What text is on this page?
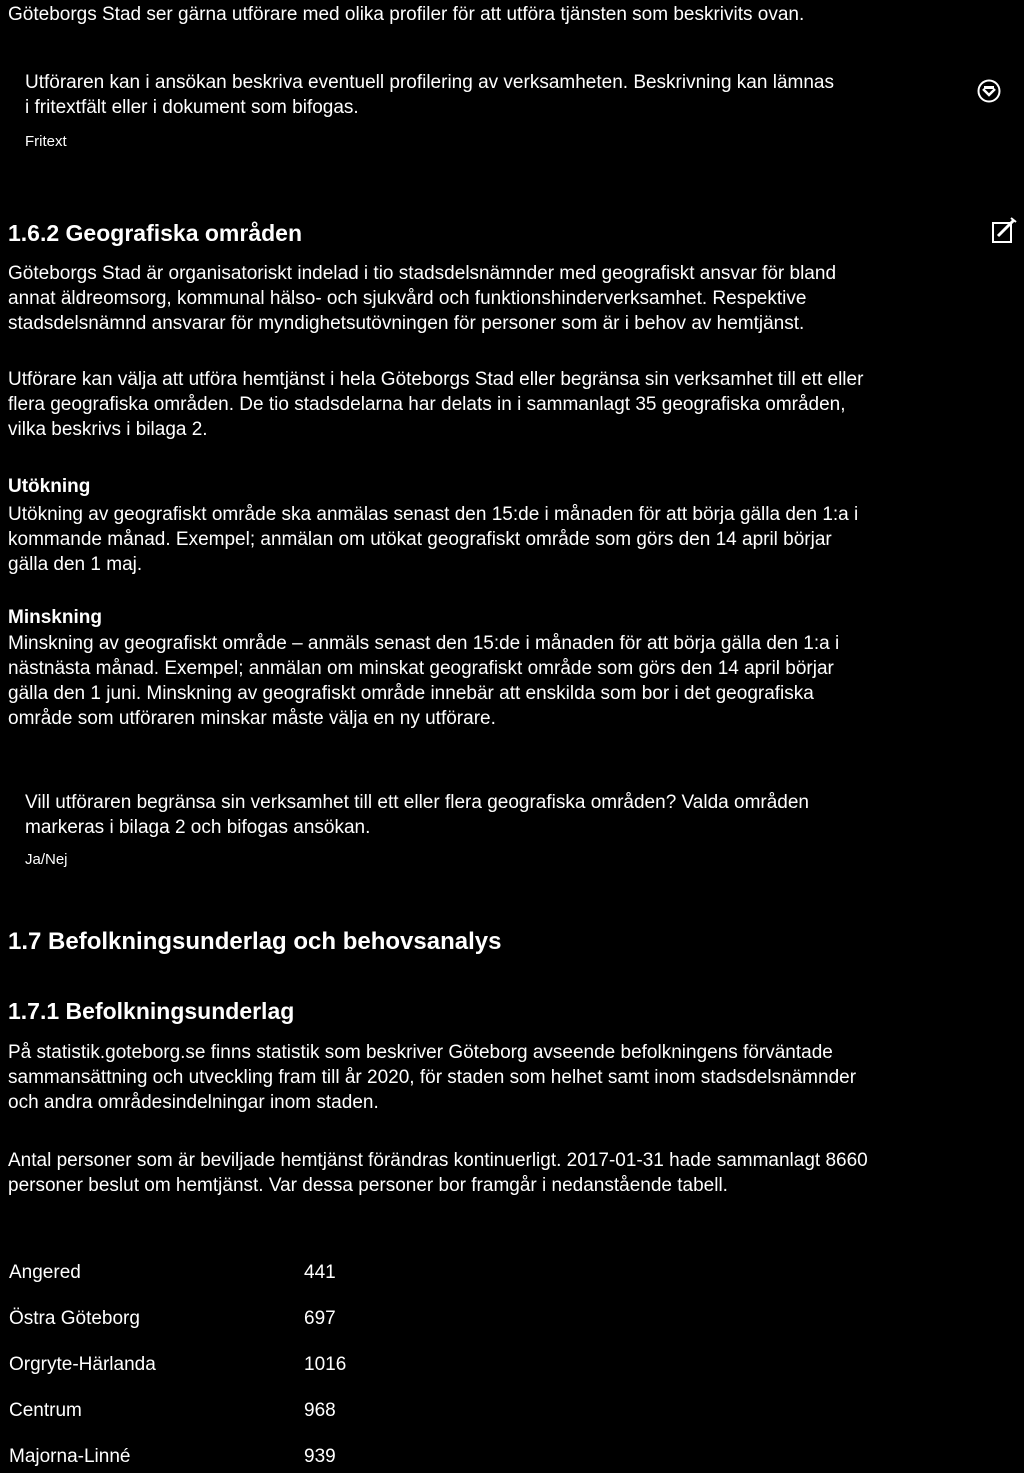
Göteborgs Stad ser gärna utförare med olika profiler för att utföra tjänsten som beskrivits ovan.
Utföraren kan i ansökan beskriva eventuell profilering av verksamheten. Beskrivning kan lämnas
i fritextfält eller i dokument som bifogas.
Fritext
1.6.2 Geografiska områden
Göteborgs Stad är organisatoriskt indelad i tio stadsdelsnämnder med geografiskt ansvar för bland
annat äldreomsorg, kommunal hälso- och sjukvård och funktionshinderverksamhet. Respektive
stadsdelsnämnd ansvarar för myndighetsutövningen för personer som är i behov av hemtjänst.
Utförare kan välja att utföra hemtjänst i hela Göteborgs Stad eller begränsa sin verksamhet till ett eller
flera geografiska områden. De tio stadsdelarna har delats in i sammanlagt 35 geografiska områden,
vilka beskrivs i bilaga 2.
Utökning
Utökning av geografiskt område ska anmälas senast den 15:de i månaden för att börja gälla den 1:a i
kommande månad. Exempel; anmälan om utökat geografiskt område som görs den 14 april börjar
gälla den 1 maj.
Minskning
Minskning av geografiskt område – anmäls senast den 15:de i månaden för att börja gälla den 1:a i
nästnästa månad. Exempel; anmälan om minskat geografiskt område som görs den 14 april börjar
gälla den 1 juni. Minskning av geografiskt område innebär att enskilda som bor i det geografiska
område som utföraren minskar måste välja en ny utförare.
Vill utföraren begränsa sin verksamhet till ett eller flera geografiska områden? Valda områden
markeras i bilaga 2 och bifogas ansökan.
Ja/Nej
1.7 Befolkningsunderlag och behovsanalys
1.7.1 Befolkningsunderlag
På statistik.goteborg.se finns statistik som beskriver Göteborg avseende befolkningens förväntade
sammansättning och utveckling fram till år 2020, för staden som helhet samt inom stadsdelsnämnder
och andra områdesindelningar inom staden.
Antal personer som är beviljade hemtjänst förändras kontinuerligt. 2017-01-31 hade sammanlagt 8660
personer beslut om hemtjänst. Var dessa personer bor framgår i nedanstående tabell.
Angered	441
Östra Göteborg	697
Orgryte-Härlanda	1016
Centrum	968
Majorna-Linné	939
